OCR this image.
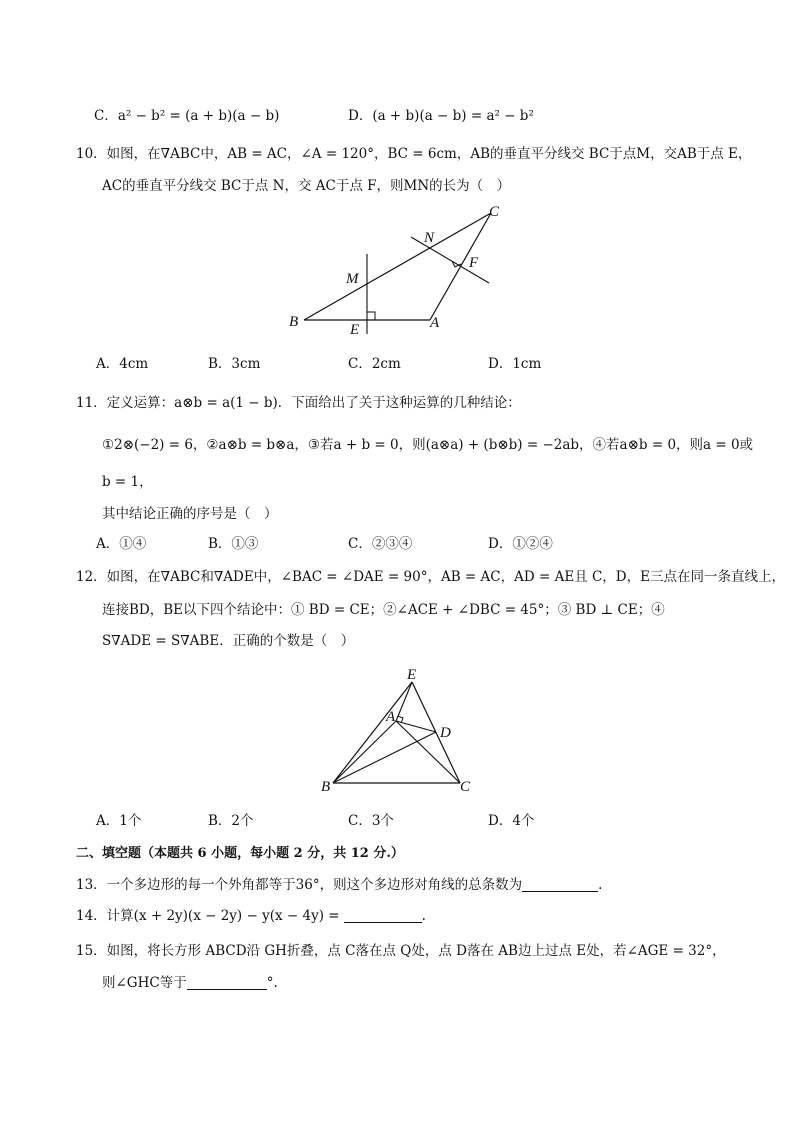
C．a² − b² = (a + b)(a − b)	D．(a + b)(a − b) = a² − b²
10．如图，在∇ABC中，AB = AC，∠A = 120°，BC = 6cm，AB的垂直平分线交 BC于点M，交AB于点 E，
AC的垂直平分线交 BC于点 N，交 AC于点 F，则MN的长为（　）
B
C
A
M
E
N
F
A．4cm	B．3cm	C．2cm	D．1cm
11．定义运算：a⊗b = a(1 − b)．下面给出了关于这种运算的几种结论：
①2⊗(−2) = 6，②a⊗b = b⊗a，③若a + b = 0，则(a⊗a) + (b⊗b) = −2ab，④若a⊗b = 0，则a = 0或
b = 1，
其中结论正确的序号是（　）
A．①④	B．①③	C．②③④	D．①②④
12．如图，在∇ABC和∇ADE中，∠BAC = ∠DAE = 90°，AB = AC，AD = AE且 C，D，E三点在同一条直线上，
连接BD，BE以下四个结论中：① BD = CE；②∠ACE + ∠DBC = 45°；③ BD ⊥ CE；④
S∇ADE = S∇ABE．正确的个数是（　）
E
A
D
B	C
A．1个	B．2个	C．3个	D．4个
二、填空题（本题共 6 小题，每小题 2 分，共 12 分.）
13．一个多边形的每一个外角都等于36°，则这个多边形对角线的总条数为	.
14．计算(x + 2y)(x − 2y) − y(x − 4y) =	.
15．如图，将长方形 ABCD沿 GH折叠，点 C落在点 Q处，点 D落在 AB边上过点 E处，若∠AGE = 32°，
则∠GHC等于	°.
